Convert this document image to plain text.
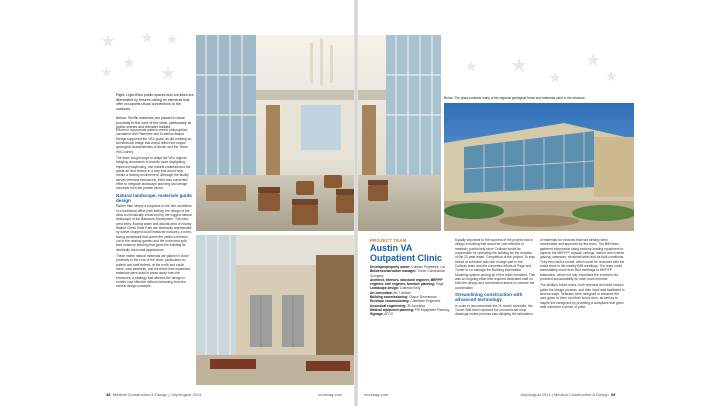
★ ★ ★
★
★
★	★
★
★
★
★
Right: Light-filled public spaces and corridors are illuminated by fixtures calling on elements that offer occupants visual connections to the outdoors.
Below: Terrific materials are placed in close proximity to the core of the clinic, particularly at public entries and elevator lobbies.
Below: The plaza contains many of the regional geological forms and materials used in the structure.

Efforts to incorporate patient-centric philosophies consistent with Planetree and Evidence-Based Design supported the VA's goals, as did creating an architectural image that would reflect the unique geological characteristics of Austin and the Texas Hill Country.

The team sought ways to adapt the VA's original bridging documents to include more daylighting, improved wayfinding, use natural materials and the grade-art and reduce in a way that would help create a healing environment. Although the facility serves veterans exclusively, there was concerted effort to integrate landscape planning and design concepts from the private sector.

Natural landscape, materials guide design

Rather than simply a response to the site conditions of a traditional office park setting, the design of the clinic is intrinsically influenced by the rugged natural landscape of the Balcones Escarpment. The east-west entry, flowing water and alluvial area of nearby Walnut Creek State Park are abstractly represented by native chopped local limestone masonry, a north-facing curtainwall that opens the public commons out to the healing garden and the horizontal split-face masonry banding that gives the building its decidedly horizontal appearance.

These native natural materials are placed in close proximity to the core of the clinic, particularly on patient and staff entries, at the north and south sides, care aesthetic, and therefore less expensive, materials were used in areas away from the entrances, a strategy that allowed the design to remain cost effective without detracting from the central design concepts.

PROJECT TEAM
Austin VA Outpatient Clinic
Developer/property owner: Cullinan Properties, Ltd.
Builder/construction manager: Turner Construction Company
Architect, interiors, structural engineer, MEP/FP engineer, civil engineer, furniture planning: Page
Landscape design: Coleman Kelly
Art consultant: Art + Artisan
Building commissioning: Clayco Zimmerman
Envelope commissioning: Cheetham Engineers
Acoustical engineering: JE Acoustics
Medical equipment planning: PSI Equipment Planning
Signage: APCO

Equally important to the success of the project was to design a building that would be cost effective to maintain, particularly since Cullinan would be responsible for operating the building for the duration of the 20-year lease. Completion of the project: To stay ahead of schedule was due in large part to the Cullinan team and the concerted efforts of Page and Turner to co-manage the Building Information Modeling system among all of the team members. This was an ongoing effort that required dedicated staff on both the design and construction teams to oversee the coordination.

Streamlining construction with advanced technology

In order to accommodate the 21-month schedule, the Turner BIM team replaced the conventional shop drawings review process was delaying the fabrication

of materials for modules that had already been coordinated and approved by the team. The BIM team gathered information using industry-leading equipment to capture the MEP/FP, drywall, ceilings, interior and exterior glazing, casework, structural steel and as-built conditions. They then built a model, which could be reviewed with the entire team in the weekly BIM meetings. The team could immediately move from BIM meetings to MEP/FP fabrication, which not only expedited the schedule but provided accountability for each team member.

The facility's future users, both veterans and staff, helped guide the design process, and their input was facilitated in several ways. Veterans were designed to enhance the care given to them and their loved ones, as well as to inspire the caregivers by providing a workplace that gives staff members a sense of pride.

38 Medical Construction & Design | July/August 2014	mcdmag.com	mcdmag.com	July/August 2014 | Medical Construction & Design 39
